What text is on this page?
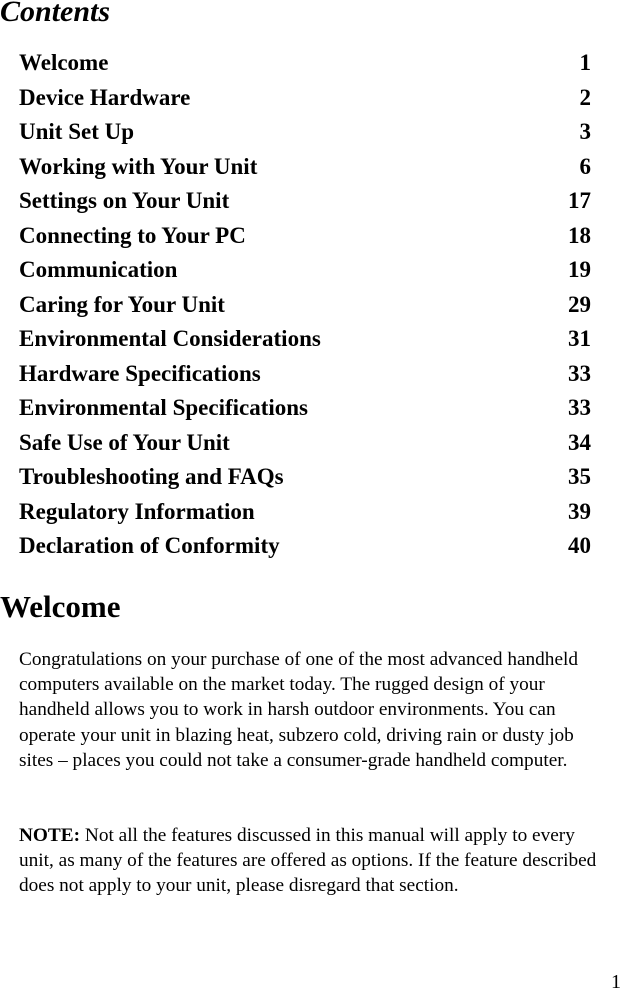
Contents
Welcome	1
Device Hardware	2
Unit Set Up	3
Working with Your Unit	6
Settings on Your Unit	17
Connecting to Your PC	18
Communication	19
Caring for Your Unit	29
Environmental Considerations	31
Hardware Specifications	33
Environmental Specifications	33
Safe Use of Your Unit	34
Troubleshooting and FAQs	35
Regulatory Information	39
Declaration of Conformity	40
Welcome

Congratulations on your purchase of one of the most advanced handheld computers available on the market today. The rugged design of your handheld allows you to work in harsh outdoor environments. You can operate your unit in blazing heat, subzero cold, driving rain or dusty job sites – places you could not take a consumer-grade handheld computer.

NOTE: Not all the features discussed in this manual will apply to every unit, as many of the features are offered as options. If the feature described does not apply to your unit, please disregard that section.

1
